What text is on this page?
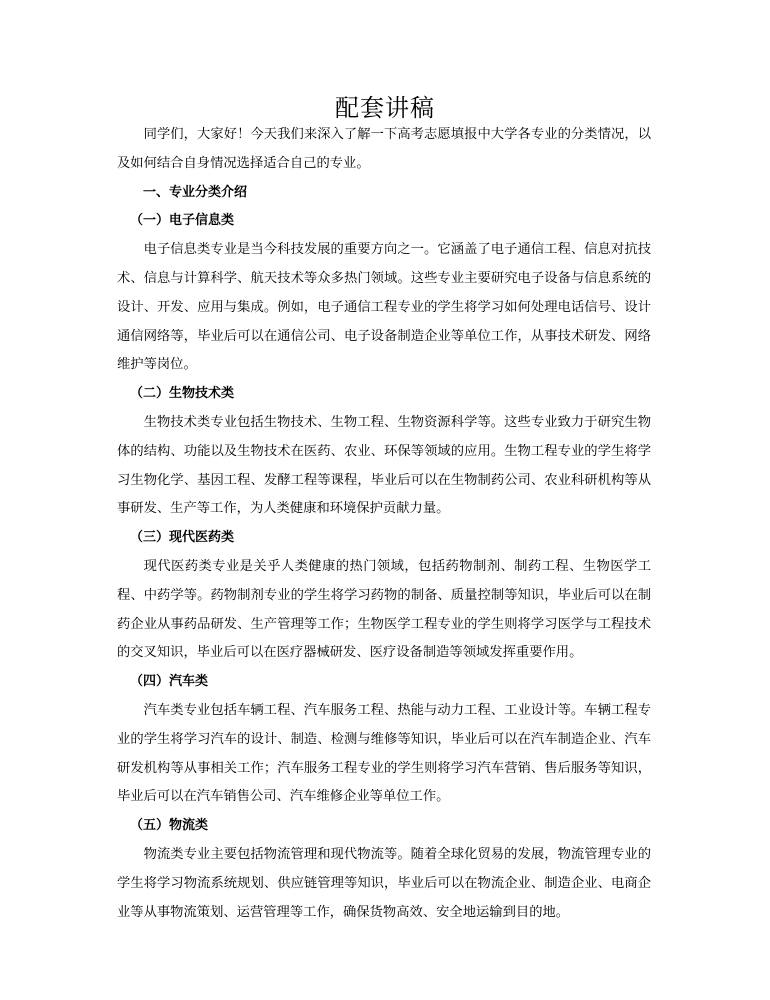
配套讲稿

同学们，大家好！今天我们来深入了解一下高考志愿填报中大学各专业的分类情况，以及如何结合自身情况选择适合自己的专业。

一、专业分类介绍
（一）电子信息类

电子信息类专业是当今科技发展的重要方向之一。它涵盖了电子通信工程、信息对抗技术、信息与计算科学、航天技术等众多热门领域。这些专业主要研究电子设备与信息系统的设计、开发、应用与集成。例如，电子通信工程专业的学生将学习如何处理电话信号、设计通信网络等，毕业后可以在通信公司、电子设备制造企业等单位工作，从事技术研发、网络维护等岗位。

（二）生物技术类

生物技术类专业包括生物技术、生物工程、生物资源科学等。这些专业致力于研究生物体的结构、功能以及生物技术在医药、农业、环保等领域的应用。生物工程专业的学生将学习生物化学、基因工程、发酵工程等课程，毕业后可以在生物制药公司、农业科研机构等从事研发、生产等工作，为人类健康和环境保护贡献力量。

（三）现代医药类

现代医药类专业是关乎人类健康的热门领域，包括药物制剂、制药工程、生物医学工程、中药学等。药物制剂专业的学生将学习药物的制备、质量控制等知识，毕业后可以在制药企业从事药品研发、生产管理等工作；生物医学工程专业的学生则将学习医学与工程技术的交叉知识，毕业后可以在医疗器械研发、医疗设备制造等领域发挥重要作用。

（四）汽车类

汽车类专业包括车辆工程、汽车服务工程、热能与动力工程、工业设计等。车辆工程专业的学生将学习汽车的设计、制造、检测与维修等知识，毕业后可以在汽车制造企业、汽车研发机构等从事相关工作；汽车服务工程专业的学生则将学习汽车营销、售后服务等知识，毕业后可以在汽车销售公司、汽车维修企业等单位工作。

（五）物流类

物流类专业主要包括物流管理和现代物流等。随着全球化贸易的发展，物流管理专业的学生将学习物流系统规划、供应链管理等知识，毕业后可以在物流企业、制造企业、电商企业等从事物流策划、运营管理等工作，确保货物高效、安全地运输到目的地。
